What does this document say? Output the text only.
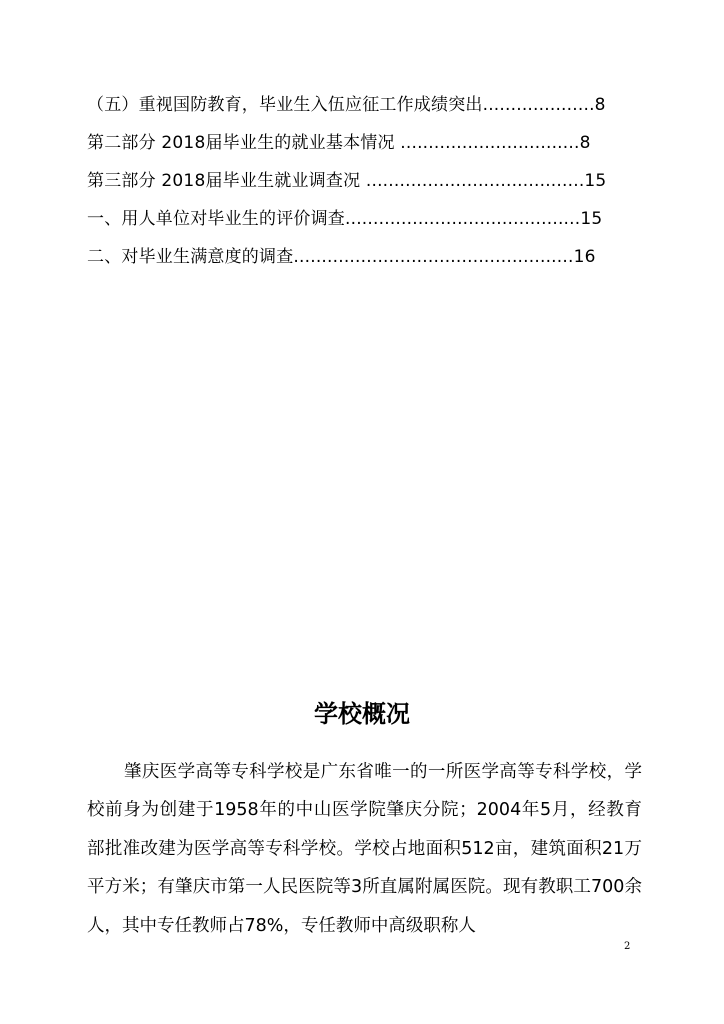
（五）重视国防教育，毕业生入伍应征工作成绩突出....................8
第二部分 2018届毕业生的就业基本情况 ................................8
第三部分 2018届毕业生就业调查况 .......................................15
一、用人单位对毕业生的评价调查..........................................15
二、对毕业生满意度的调查..................................................16
学校概况

肇庆医学高等专科学校是广东省唯一的一所医学高等专科学校，学校前身为创建于1958年的中山医学院肇庆分院；2004年5月，经教育部批准改建为医学高等专科学校。学校占地面积512亩，建筑面积21万平方米；有肇庆市第一人民医院等3所直属附属医院。现有教职工700余人，其中专任教师占78%，专任教师中高级职称人

2
